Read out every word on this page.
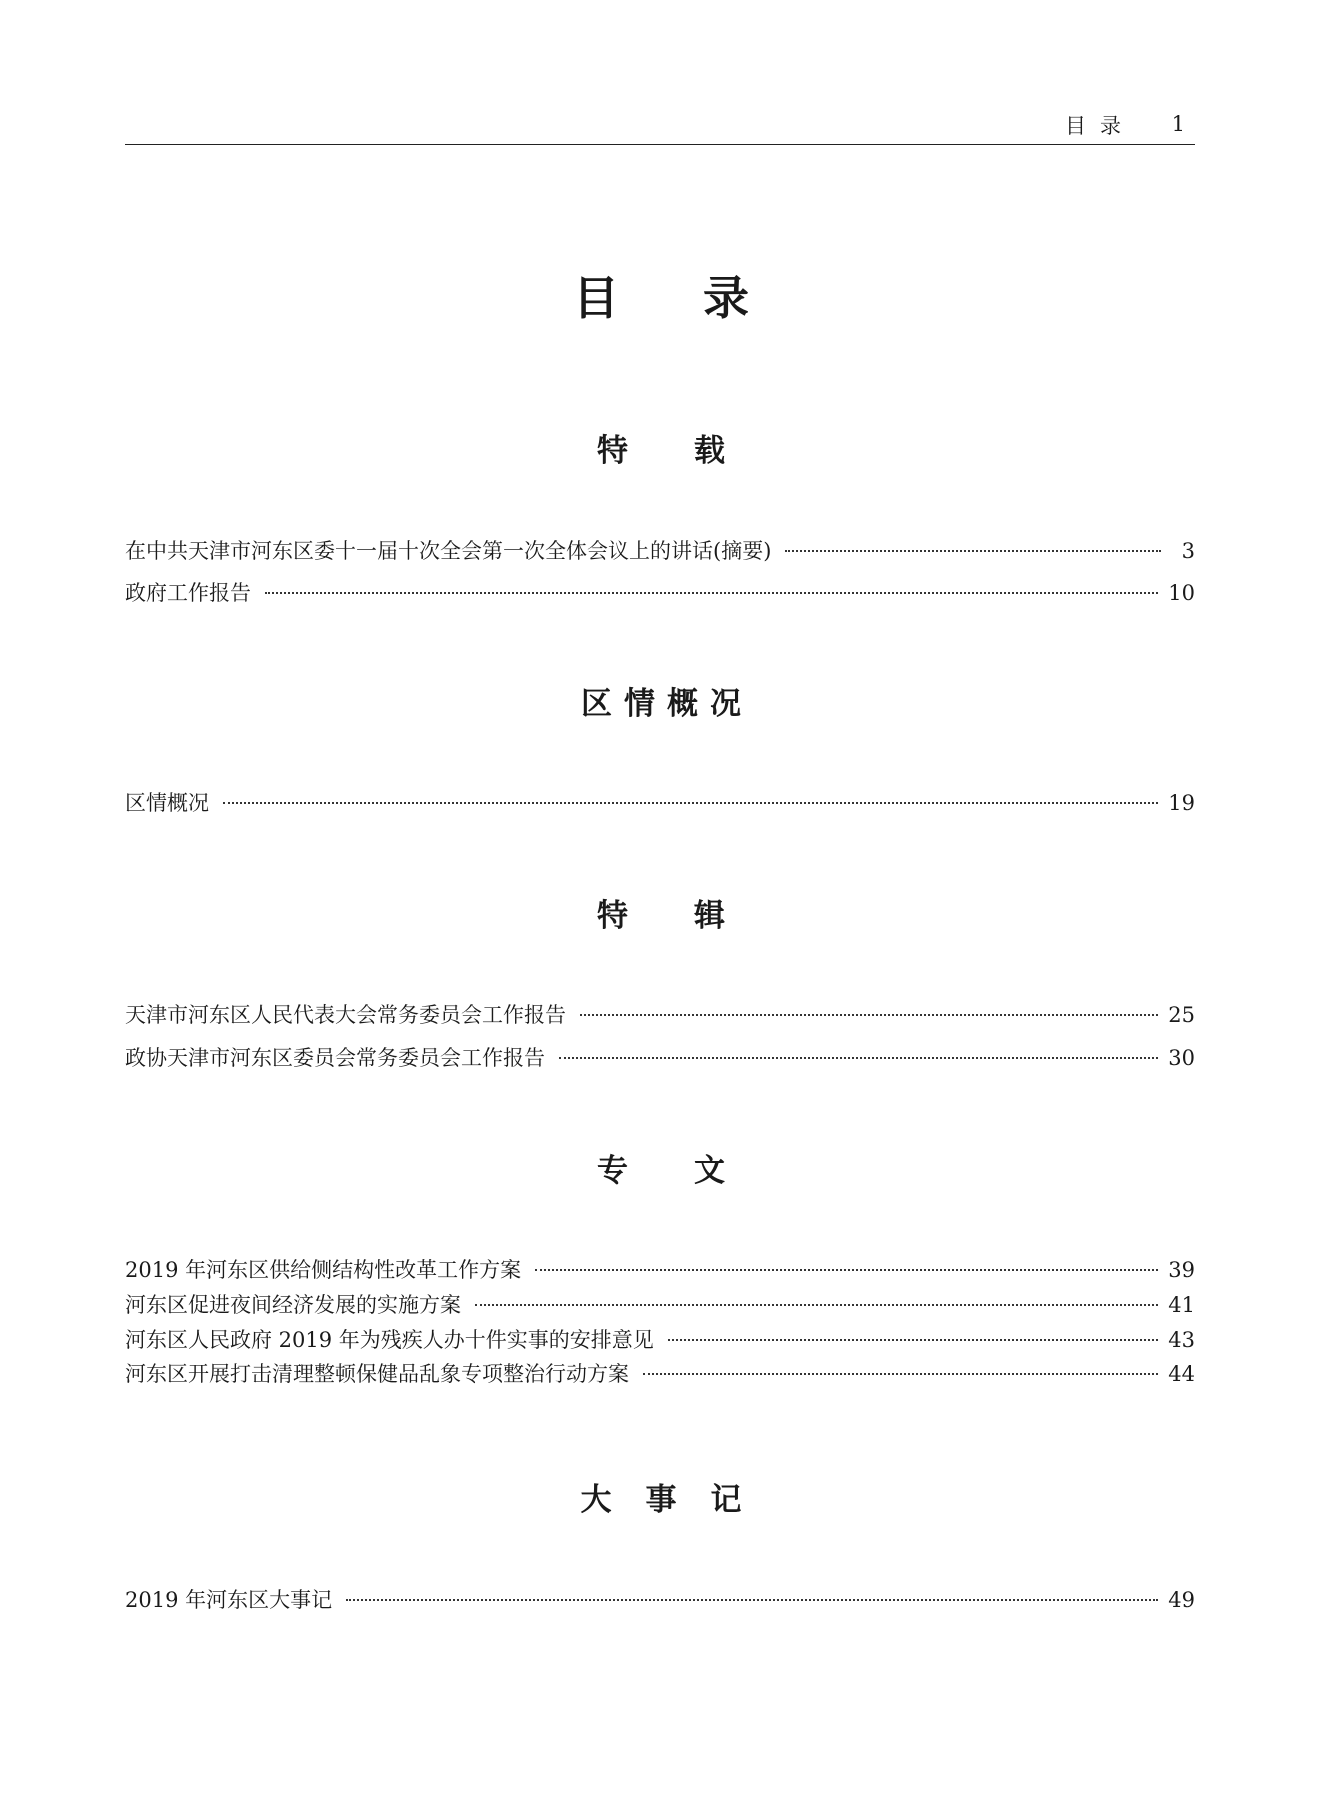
目录 1
目录
特载
在中共天津市河东区委十一届十次全会第一次全体会议上的讲话(摘要)	3
政府工作报告	10
区情概况
区情概况	19
特辑
天津市河东区人民代表大会常务委员会工作报告	25
政协天津市河东区委员会常务委员会工作报告	30
专文
2019 年河东区供给侧结构性改革工作方案	39
河东区促进夜间经济发展的实施方案	41
河东区人民政府 2019 年为残疾人办十件实事的安排意见	43
河东区开展打击清理整顿保健品乱象专项整治行动方案	44
大事记
2019 年河东区大事记	49
